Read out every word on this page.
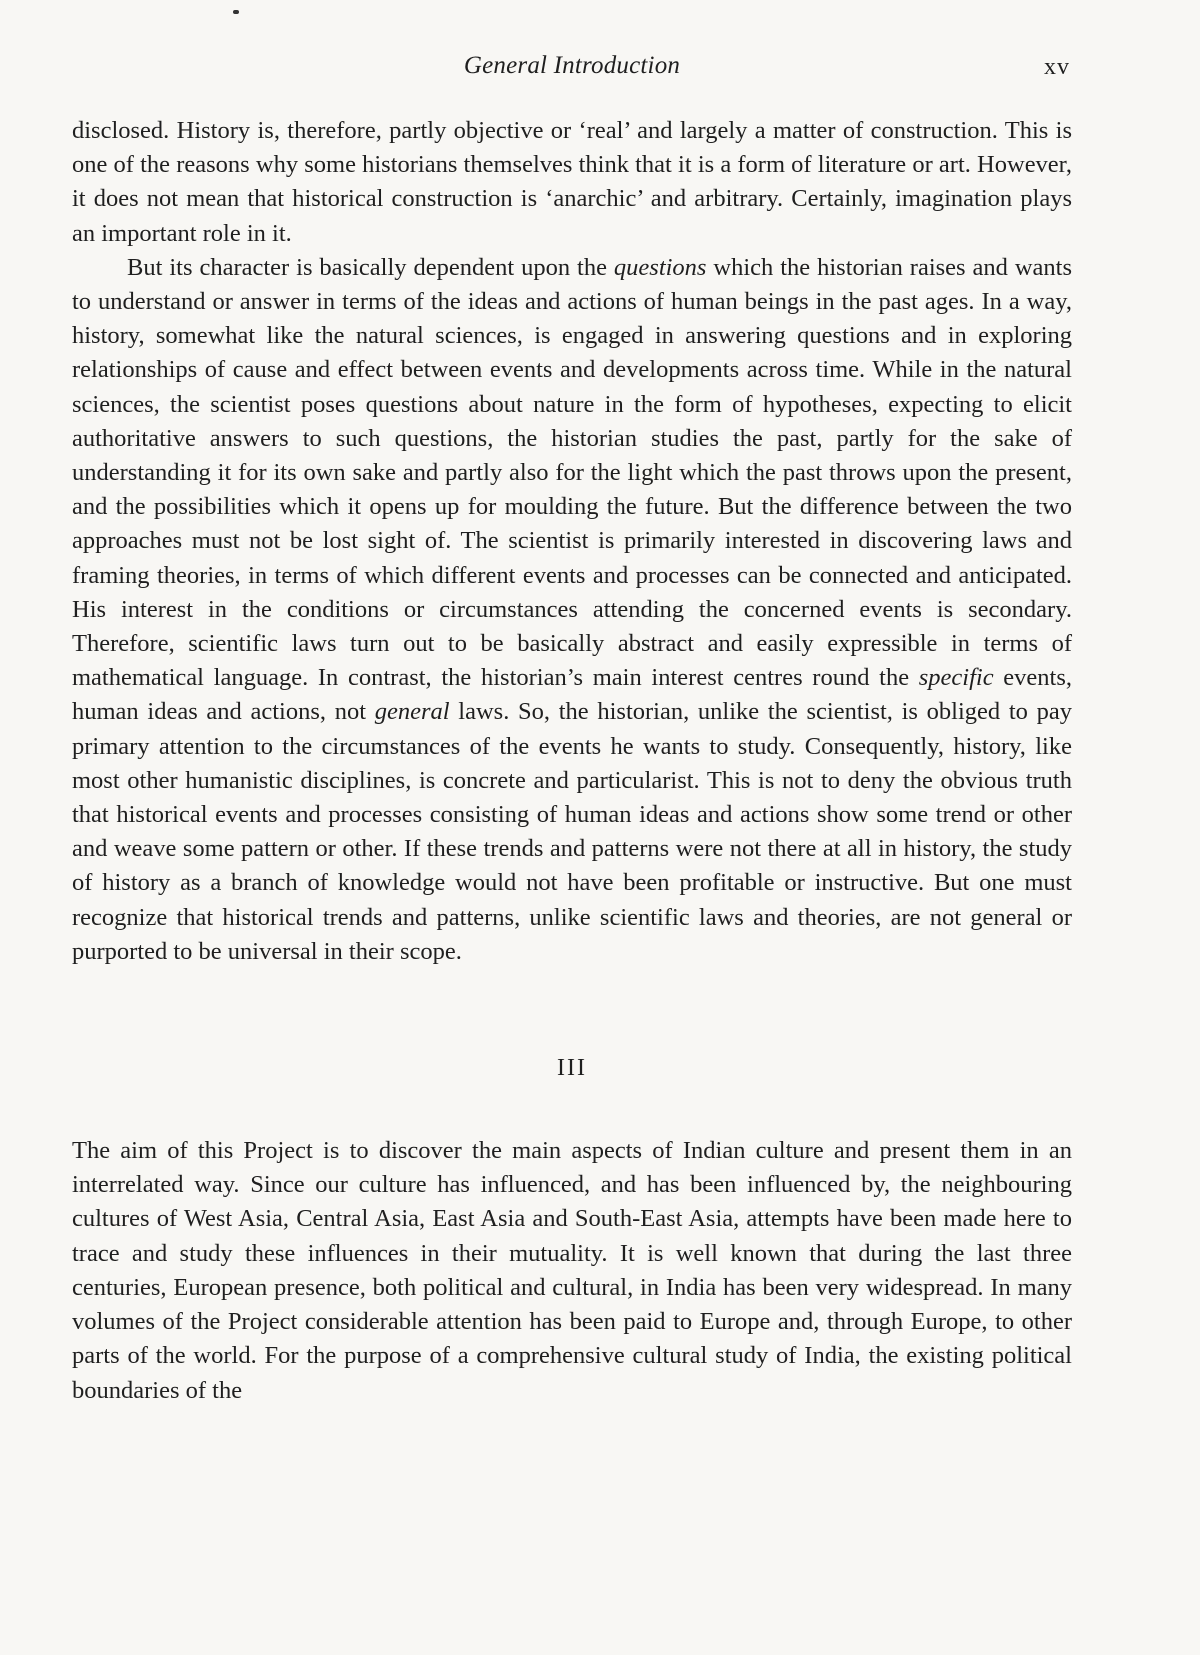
General Introduction	xv

disclosed. History is, therefore, partly objective or ‘real’ and largely a matter of construction. This is one of the reasons why some historians themselves think that it is a form of literature or art. However, it does not mean that historical construction is ‘anarchic’ and arbitrary. Certainly, imagination plays an important role in it.

But its character is basically dependent upon the questions which the historian raises and wants to understand or answer in terms of the ideas and actions of human beings in the past ages. In a way, history, somewhat like the natural sciences, is engaged in answering questions and in exploring relationships of cause and effect between events and developments across time. While in the natural sciences, the scientist poses questions about nature in the form of hypotheses, expecting to elicit authoritative answers to such questions, the historian studies the past, partly for the sake of understanding it for its own sake and partly also for the light which the past throws upon the present, and the possibilities which it opens up for moulding the future. But the difference between the two approaches must not be lost sight of. The scientist is primarily interested in discovering laws and framing theories, in terms of which different events and processes can be connected and anticipated. His interest in the conditions or circumstances attending the concerned events is secondary. Therefore, scientific laws turn out to be basically abstract and easily expressible in terms of mathematical language. In contrast, the historian’s main interest centres round the specific events, human ideas and actions, not general laws. So, the historian, unlike the scientist, is obliged to pay primary attention to the circumstances of the events he wants to study. Consequently, history, like most other humanistic disciplines, is concrete and particularist. This is not to deny the obvious truth that historical events and processes consisting of human ideas and actions show some trend or other and weave some pattern or other. If these trends and patterns were not there at all in history, the study of history as a branch of knowledge would not have been profitable or instructive. But one must recognize that historical trends and patterns, unlike scientific laws and theories, are not general or purported to be universal in their scope.

III

The aim of this Project is to discover the main aspects of Indian culture and present them in an interrelated way. Since our culture has influenced, and has been influenced by, the neighbouring cultures of West Asia, Central Asia, East Asia and South-East Asia, attempts have been made here to trace and study these influences in their mutuality. It is well known that during the last three centuries, European presence, both political and cultural, in India has been very widespread. In many volumes of the Project considerable attention has been paid to Europe and, through Europe, to other parts of the world. For the purpose of a comprehensive cultural study of India, the existing political boundaries of the
